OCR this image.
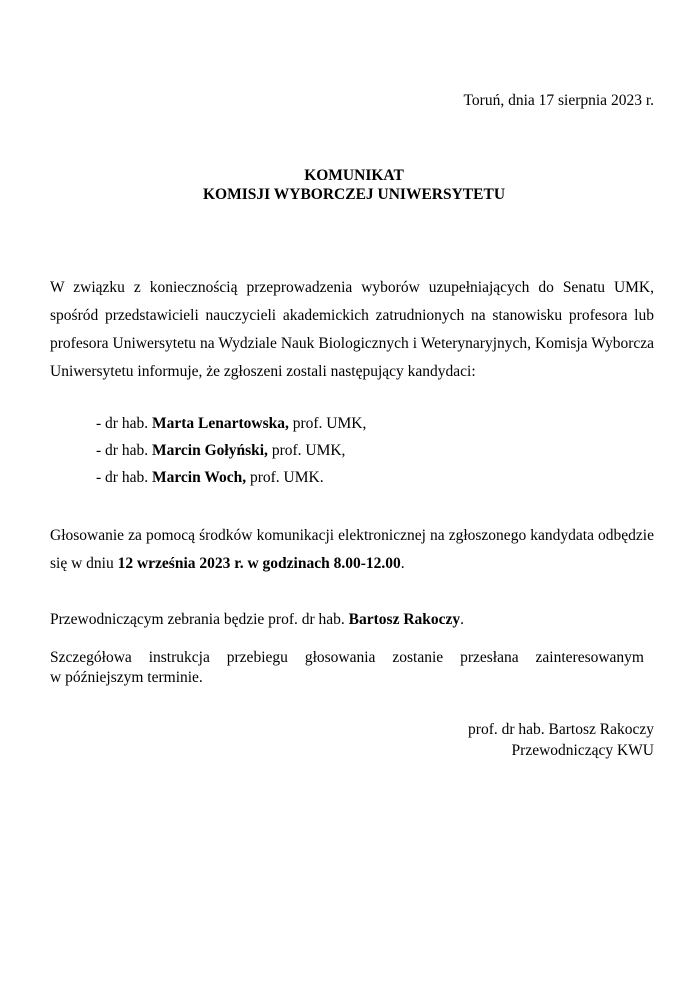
Toruń, dnia 17 sierpnia 2023 r.
KOMUNIKAT
KOMISJI WYBORCZEJ UNIWERSYTETU
W związku z koniecznością przeprowadzenia wyborów uzupełniających do Senatu UMK, spośród przedstawicieli nauczycieli akademickich zatrudnionych na stanowisku profesora lub profesora Uniwersytetu na Wydziale Nauk Biologicznych i Weterynaryjnych, Komisja Wyborcza Uniwersytetu informuje, że zgłoszeni zostali następujący kandydaci:
- dr hab. Marta Lenartowska, prof. UMK,
- dr hab. Marcin Gołyński, prof. UMK,
- dr hab. Marcin Woch, prof. UMK.
Głosowanie za pomocą środków komunikacji elektronicznej na zgłoszonego kandydata odbędzie się w dniu 12 września 2023 r. w godzinach 8.00-12.00.
Przewodniczącym zebrania będzie prof. dr hab. Bartosz Rakoczy.
Szczegółowa instrukcja przebiegu głosowania zostanie przesłana zainteresowanym
w późniejszym terminie.
prof. dr hab. Bartosz Rakoczy
Przewodniczący KWU
